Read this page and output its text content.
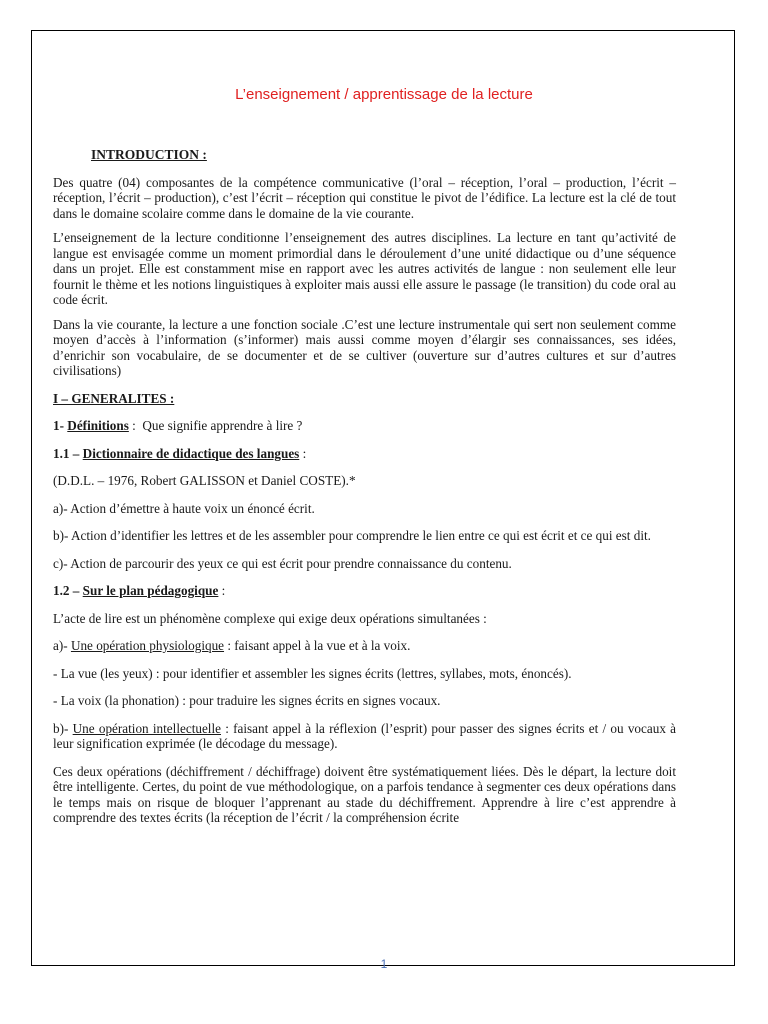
L’enseignement / apprentissage de la lecture

INTRODUCTION :

Des quatre (04) composantes de la compétence communicative (l’oral – réception, l’oral – production, l’écrit – réception, l’écrit – production), c’est l’écrit – réception qui constitue le pivot de l’édifice. La lecture est la clé de tout dans le domaine scolaire comme dans le domaine de la vie courante.

L’enseignement de la lecture conditionne l’enseignement des autres disciplines. La lecture en tant qu’activité de langue est envisagée comme un moment primordial dans le déroulement d’une unité didactique ou d’une séquence dans un projet. Elle est constamment mise en rapport avec les autres activités de langue : non seulement elle leur fournit le thème et les notions linguistiques à exploiter mais aussi elle assure le passage (le transition) du code oral au code écrit.

Dans la vie courante, la lecture a une fonction sociale .C’est une lecture instrumentale qui sert non seulement comme moyen d’accès à l’information (s’informer) mais aussi comme moyen d’élargir ses connaissances, ses idées, d’enrichir son vocabulaire, de se documenter et de se cultiver (ouverture sur d’autres cultures et sur d’autres civilisations)

I – GENERALITES :

1- Définitions : Que signifie apprendre à lire ?

1.1 – Dictionnaire de didactique des langues :

(D.D.L. – 1976, Robert GALISSON et Daniel COSTE).*

a)- Action d’émettre à haute voix un énoncé écrit.

b)- Action d’identifier les lettres et de les assembler pour comprendre le lien entre ce qui est écrit et ce qui est dit.

c)- Action de parcourir des yeux ce qui est écrit pour prendre connaissance du contenu.

1.2 – Sur le plan pédagogique :

L’acte de lire est un phénomène complexe qui exige deux opérations simultanées :

a)- Une opération physiologique : faisant appel à la vue et à la voix.

- La vue (les yeux) : pour identifier et assembler les signes écrits (lettres, syllabes, mots, énoncés).

- La voix (la phonation) : pour traduire les signes écrits en signes vocaux.

b)- Une opération intellectuelle : faisant appel à la réflexion (l’esprit) pour passer des signes écrits et / ou vocaux à leur signification exprimée (le décodage du message).

Ces deux opérations (déchiffrement / déchiffrage) doivent être systématiquement liées. Dès le départ, la lecture doit être intelligente. Certes, du point de vue méthodologique, on a parfois tendance à segmenter ces deux opérations dans le temps mais on risque de bloquer l’apprenant au stade du déchiffrement. Apprendre à lire c’est apprendre à comprendre des textes écrits (la réception de l’écrit / la compréhension écrite

1
